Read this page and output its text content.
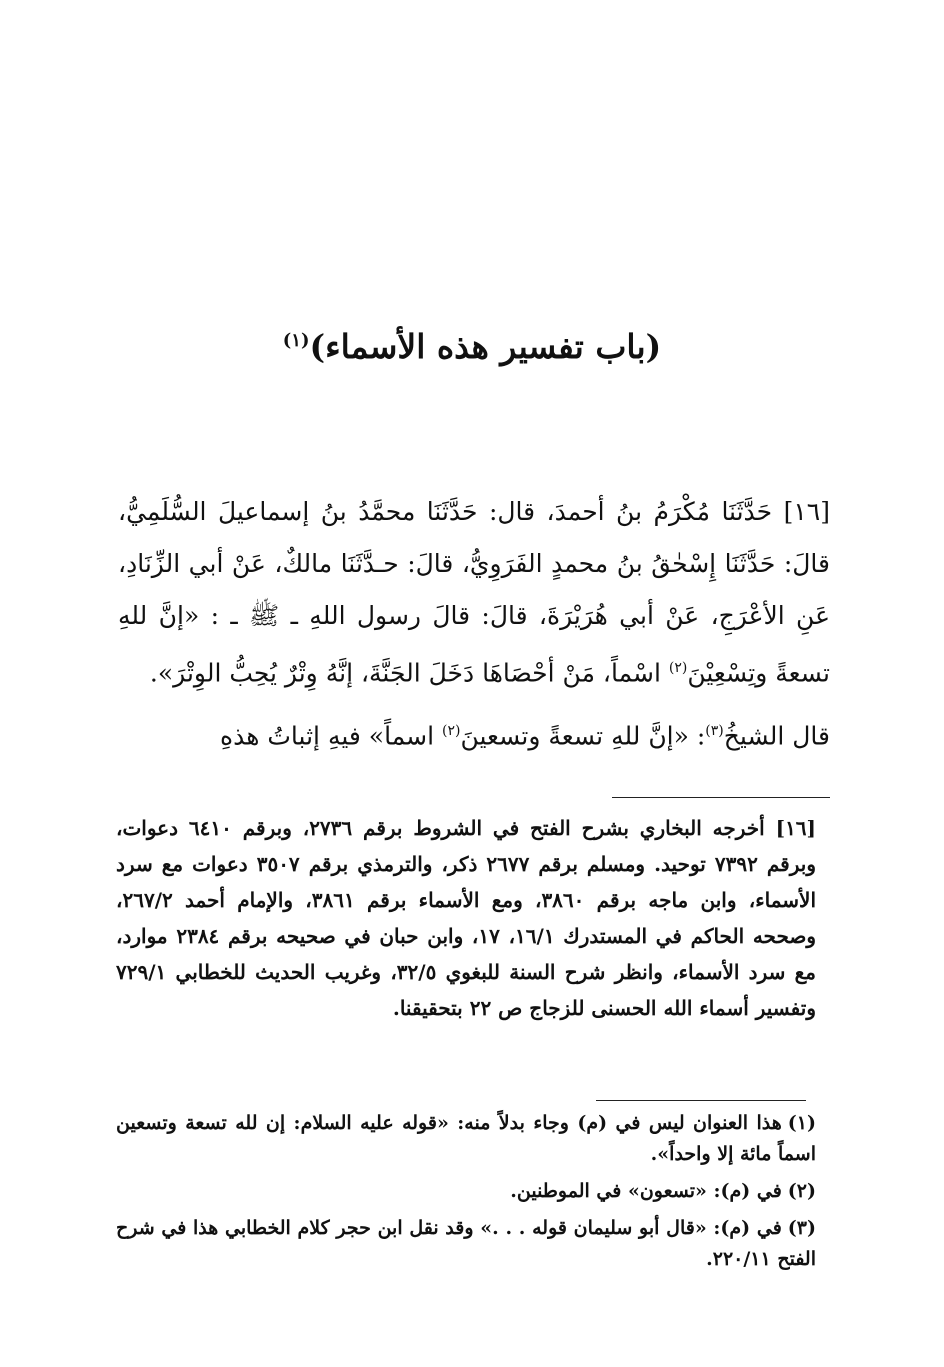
(باب تفسير هذه الأسماء)$^{(١)}$

[١٦] حَدَّثَنَا مُكْرَمُ بنُ أحمدَ، قال: حَدَّثَنَا محمَّدُ بنُ إسماعيلَ السُّلَمِيُّ، قالَ: حَدَّثَنَا إِسْحٰقُ بنُ محمدٍ الفَرَوِيُّ، قالَ: حـدَّثَنَا مالكٌ، عَنْ أبي الزِّنَادِ، عَنِ الأعْرَجِ، عَنْ أبي هُرَيْرَةَ، قالَ: قالَ رسول اللهِ ـ ﷺ ـ : «إنَّ للهِ تسعةً وتِسْعِيْنَ$^{(٢)}$ اسْماً، مَنْ أحْصَاهَا دَخَلَ الجَنَّةَ، إنَّهُ وِتْرٌ يُحِبُّ الوِتْرَ».

قال الشيخُ$^{(٣)}$: «إنَّ للهِ تسعةً وتسعينَ$^{(٢)}$ اسماً» فيهِ إثباتُ هذهِ

[١٦] أخرجه البخاري بشرح الفتح في الشروط برقم ٢٧٣٦، وبرقم ٦٤١٠ دعوات، وبرقم ٧٣٩٢ توحيد. ومسلم برقم ٢٦٧٧ ذكر، والترمذي برقم ٣٥٠٧ دعوات مع سرد الأسماء، وابن ماجه برقم ٣٨٦٠، ومع الأسماء برقم ٣٨٦١، والإمام أحمد ٢٦٧/٢، وصححه الحاكم في المستدرك ١٦/١، ١٧، وابن حبان في صحيحه برقم ٢٣٨٤ موارد، مع سرد الأسماء، وانظر شرح السنة للبغوي ٣٢/٥، وغريب الحديث للخطابي ٧٢٩/١ وتفسير أسماء الله الحسنى للزجاج ص ٢٢ بتحقيقنا.

(١)هذا العنوان ليس في (م) وجاء بدلاً منه: «قوله عليه السلام: إن لله تسعة وتسعين اسماً مائة إلا واحداً».

(٢)في (م): «تسعون» في الموطنين.

(٣)في (م): «قال أبو سليمان قوله . . .» وقد نقل ابن حجر كلام الخطابي هذا في شرح الفتح ٢٢٠/١١.
